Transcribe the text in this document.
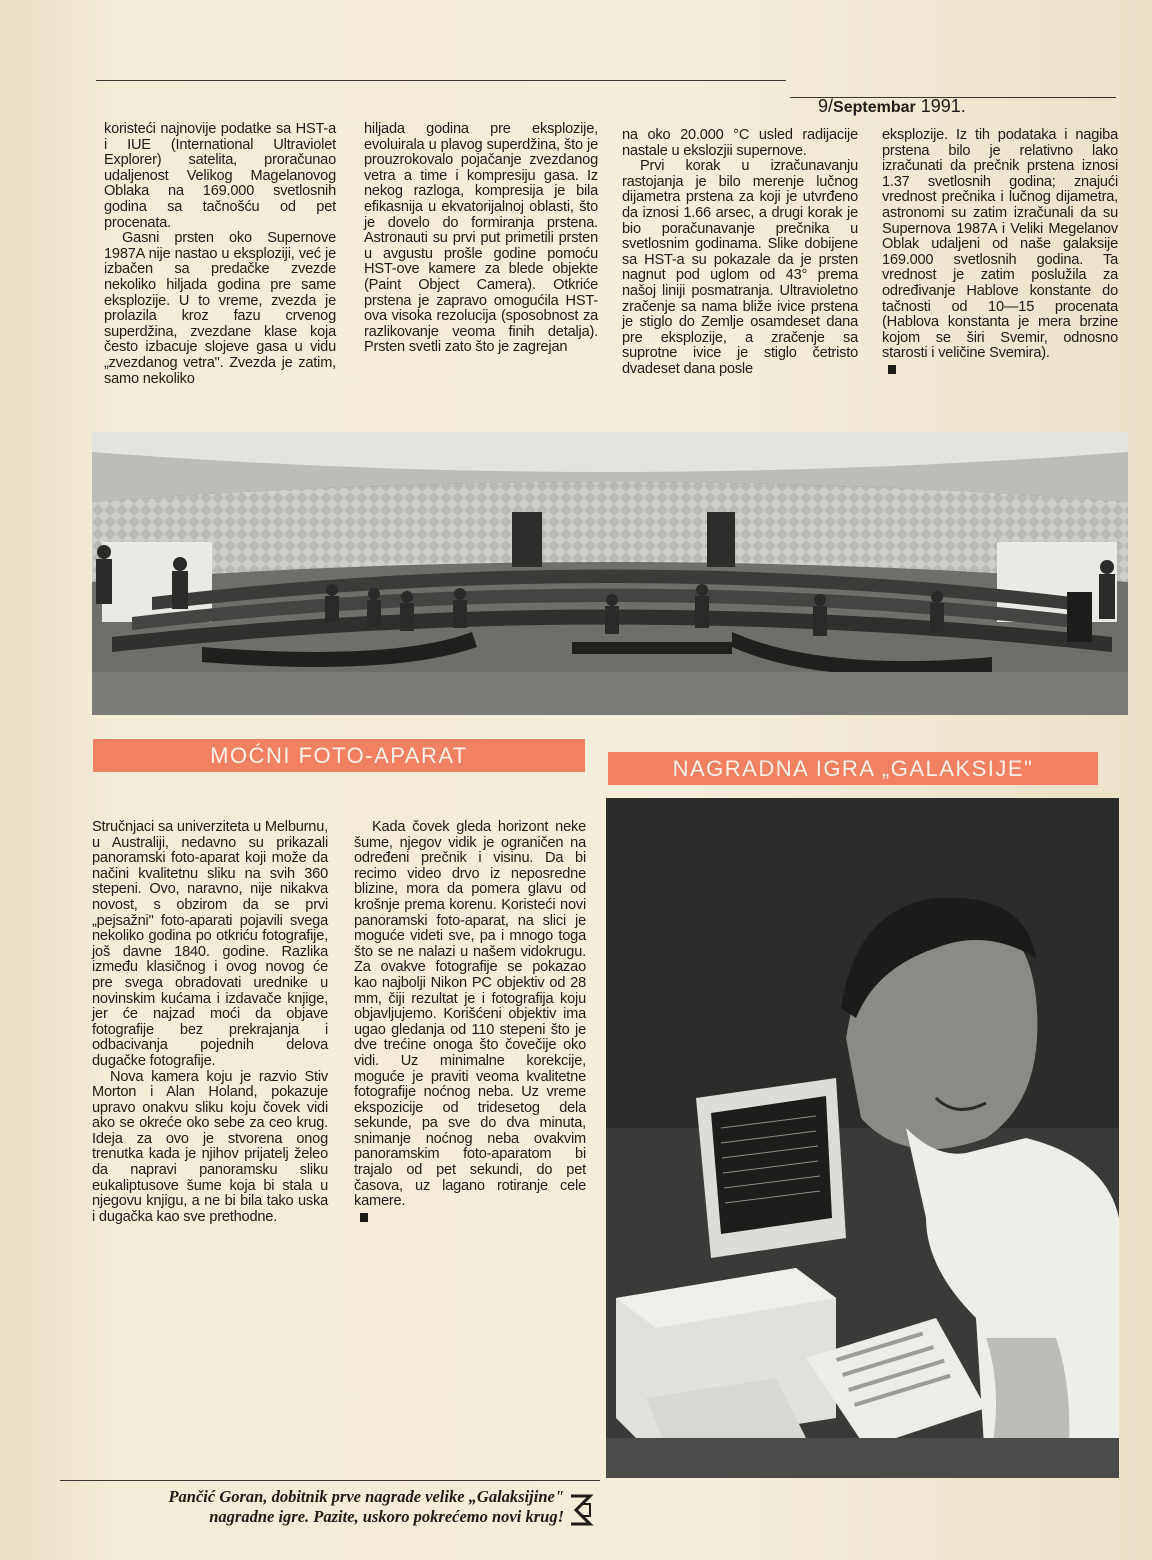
9/Septembar 1991.

koristeći najnovije podatke sa HST-a i IUE (International Ultraviolet Explorer) satelita, proračunao udaljenost Velikog Magelanovog Oblaka na 169.000 svetlosnih godina sa tačnošću od pet procenata.

Gasni prsten oko Supernove 1987A nije nastao u eksploziji, već je izbačen sa predačke zvezde nekoliko hiljada godina pre same eksplozije. U to vreme, zvezda je prolazila kroz fazu crvenog superdžina, zvezdane klase koja često izbacuje slojeve gasa u vidu „zvezdanog vetra". Zvezda je zatim, samo nekoliko

hiljada godina pre eksplozije, evoluirala u plavog superdžina, što je prouzrokovalo pojačanje zvezdanog vetra a time i kompresiju gasa. Iz nekog razloga, kompresija je bila efikasnija u ekvatorijalnoj oblasti, što je dovelo do formiranja prstena. Astronauti su prvi put primetili prsten u avgustu prošle godine pomoću HST-ove kamere za blede objekte (Paint Object Camera). Otkriće prstena je zapravo omogućila HST-ova visoka rezolucija (sposobnost za razlikovanje veoma finih detalja). Prsten svetli zato što je zagrejan

na oko 20.000 °C usled radijacije nastale u ekslozjii supernove.

Prvi korak u izračunavanju rastojanja je bilo merenje lučnog dijametra prstena za koji je utvrđeno da iznosi 1.66 arsec, a drugi korak je bio poračunavanje prečnika u svetlosnim godinama. Slike dobijene sa HST-a su pokazale da je prsten nagnut pod uglom od 43° prema našoj liniji posmatranja. Ultravioletno zračenje sa nama bliže ivice prstena je stiglo do Zemlje osamdeset dana pre eksplozije, a zračenje sa suprotne ivice je stiglo četristo dvadeset dana posle

eksplozije. Iz tih podataka i nagiba prstena bilo je relativno lako izračunati da prečnik prstena iznosi 1.37 svetlosnih godina; znajući vrednost prečnika i lučnog dijametra, astronomi su zatim izračunali da su Supernova 1987A i Veliki Megelanov Oblak udaljeni od naše galaksije 169.000 svetlosnih godina. Ta vrednost je zatim poslužila za određivanje Hablove konstante do tačnosti od 10—15 procenata (Hablova konstanta je mera brzine kojom se širi Svemir, odnosno starosti i veličine Svemira).

MOĆNI FOTO-APARAT
NAGRADNA IGRA „GALAKSIJE"

Stručnjaci sa univerziteta u Melburnu, u Australiji, nedavno su prikazali panoramski foto-aparat koji može da načini kvalitetnu sliku na svih 360 stepeni. Ovo, naravno, nije nikakva novost, s obzirom da se prvi „pejsažni" foto-aparati pojavili svega nekoliko godina po otkriću fotografije, još davne 1840. godine. Razlika između klasičnog i ovog novog će pre svega obradovati urednike u novinskim kućama i izdavače knjige, jer će najzad moći da objave fotografije bez prekrajanja i odbacivanja pojednih delova dugačke fotografije.

Nova kamera koju je razvio Stiv Morton i Alan Holand, pokazuje upravo onakvu sliku koju čovek vidi ako se okreće oko sebe za ceo krug. Ideja za ovo je stvorena onog trenutka kada je njihov prijatelj želeo da napravi panoramsku sliku eukaliptusove šume koja bi stala u njegovu knjigu, a ne bi bila tako uska i dugačka kao sve prethodne.

Kada čovek gleda horizont neke šume, njegov vidik je ograničen na određeni prečnik i visinu. Da bi recimo video drvo iz neposredne blizine, mora da pomera glavu od krošnje prema korenu. Koristeći novi panoramski foto-aparat, na slici je moguće videti sve, pa i mnogo toga što se ne nalazi u našem vidokrugu. Za ovakve fotografije se pokazao kao najbolji Nikon PC objektiv od 28 mm, čiji rezultat je i fotografija koju objavljujemo. Korišćeni objektiv ima ugao gledanja od 110 stepeni što je dve trećine onoga što čovečije oko vidi. Uz minimalne korekcije, moguće je praviti veoma kvalitetne fotografije noćnog neba. Uz vreme ekspozicije od tridesetog dela sekunde, pa sve do dva minuta, snimanje noćnog neba ovakvim panoramskim foto-aparatom bi trajalo od pet sekundi, do pet časova, uz lagano rotiranje cele kamere.

Pančić Goran, dobitnik prve nagrade velike „Galaksijine"
nagradne igre. Pazite, uskoro pokrećemo novi krug!
